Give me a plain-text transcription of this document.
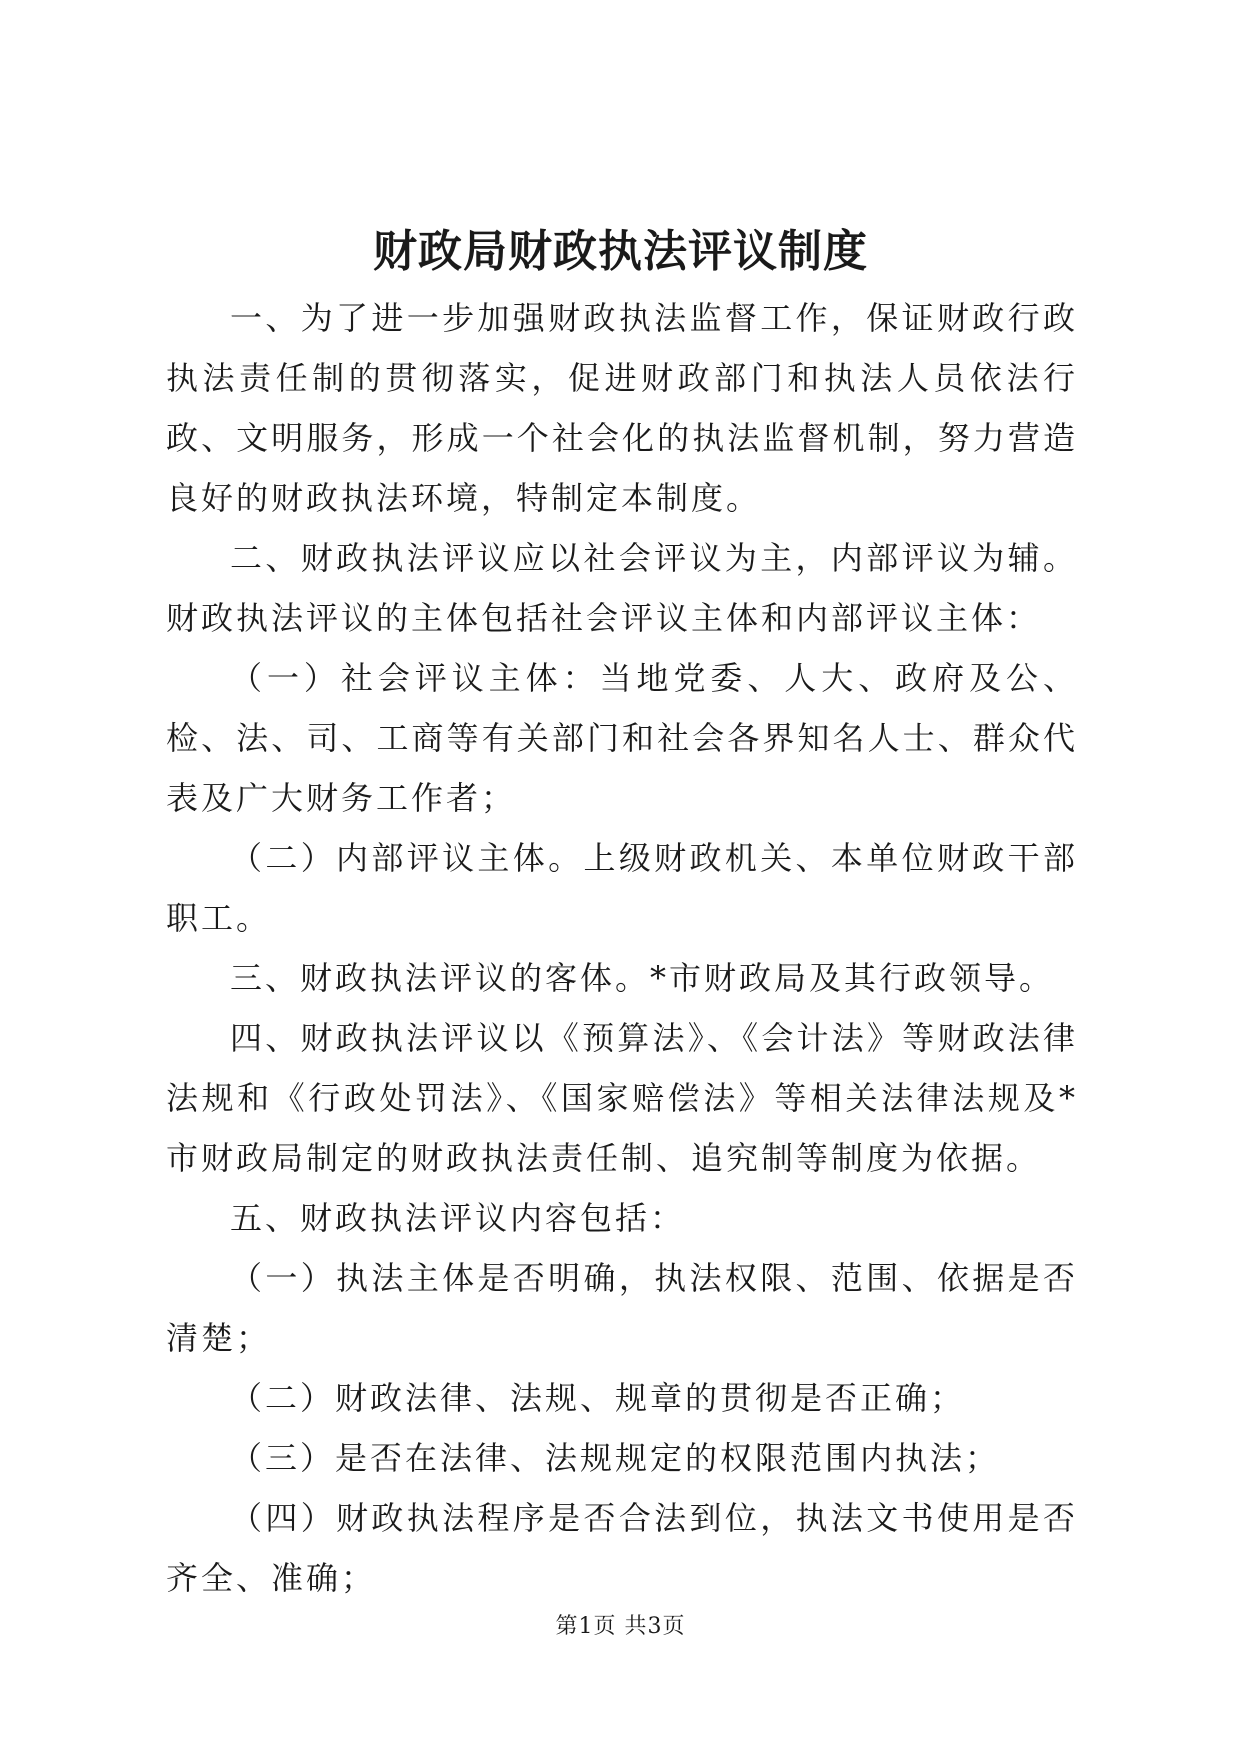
财政局财政执法评议制度

一、为了进一步加强财政执法监督工作，保证财政行政执法责任制的贯彻落实，促进财政部门和执法人员依法行政、文明服务，形成一个社会化的执法监督机制，努力营造良好的财政执法环境，特制定本制度。

二、财政执法评议应以社会评议为主，内部评议为辅。财政执法评议的主体包括社会评议主体和内部评议主体：

（一）社会评议主体：当地党委、人大、政府及公、检、法、司、工商等有关部门和社会各界知名人士、群众代表及广大财务工作者；

（二）内部评议主体。上级财政机关、本单位财政干部职工。

三、财政执法评议的客体。*市财政局及其行政领导。

四、财政执法评议以《预算法》、《会计法》等财政法律法规和《行政处罚法》、《国家赔偿法》等相关法律法规及*市财政局制定的财政执法责任制、追究制等制度为依据。

五、财政执法评议内容包括：

（一）执法主体是否明确，执法权限、范围、依据是否清楚；

（二）财政法律、法规、规章的贯彻是否正确；

（三）是否在法律、法规规定的权限范围内执法；

（四）财政执法程序是否合法到位，执法文书使用是否齐全、准确；

第1页 共3页
